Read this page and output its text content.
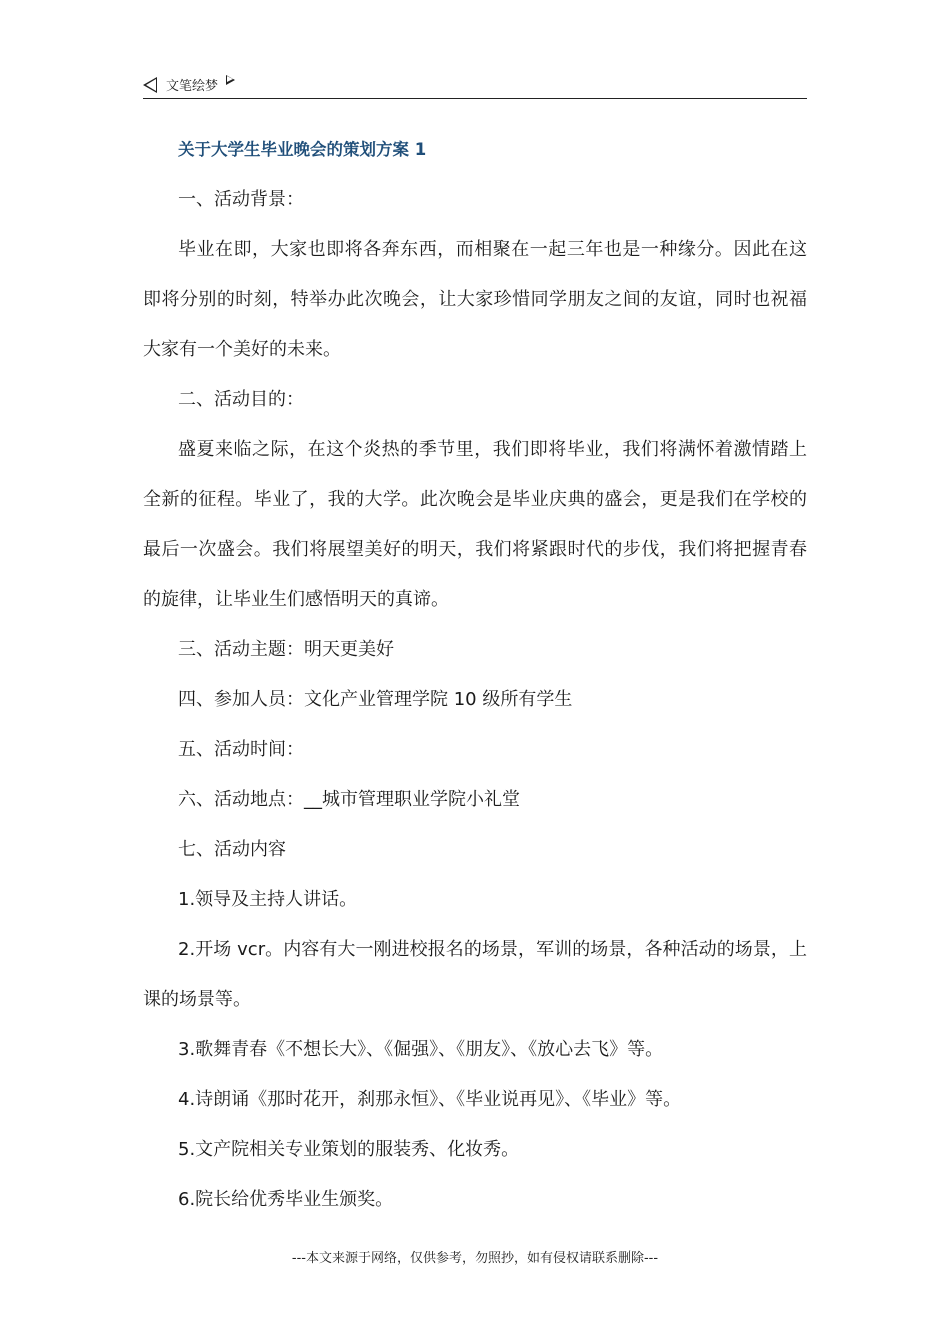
文笔绘梦
关于大学生毕业晚会的策划方案 1

一、活动背景：

毕业在即，大家也即将各奔东西，而相聚在一起三年也是一种缘分。因此在这即将分别的时刻，特举办此次晚会，让大家珍惜同学朋友之间的友谊，同时也祝福大家有一个美好的未来。

二、活动目的：

盛夏来临之际，在这个炎热的季节里，我们即将毕业，我们将满怀着激情踏上全新的征程。毕业了，我的大学。此次晚会是毕业庆典的盛会，更是我们在学校的最后一次盛会。我们将展望美好的明天，我们将紧跟时代的步伐，我们将把握青春的旋律，让毕业生们感悟明天的真谛。

三、活动主题：明天更美好

四、参加人员：文化产业管理学院 10 级所有学生

五、活动时间：

六、活动地点：__城市管理职业学院小礼堂

七、活动内容

1.领导及主持人讲话。

2.开场 vcr。内容有大一刚进校报名的场景，军训的场景，各种活动的场景，上课的场景等。

3.歌舞青春《不想长大》、《倔强》、《朋友》、《放心去飞》等。

4.诗朗诵《那时花开，刹那永恒》、《毕业说再见》、《毕业》等。

5.文产院相关专业策划的服装秀、化妆秀。

6.院长给优秀毕业生颁奖。

---本文来源于网络，仅供参考，勿照抄，如有侵权请联系删除---
